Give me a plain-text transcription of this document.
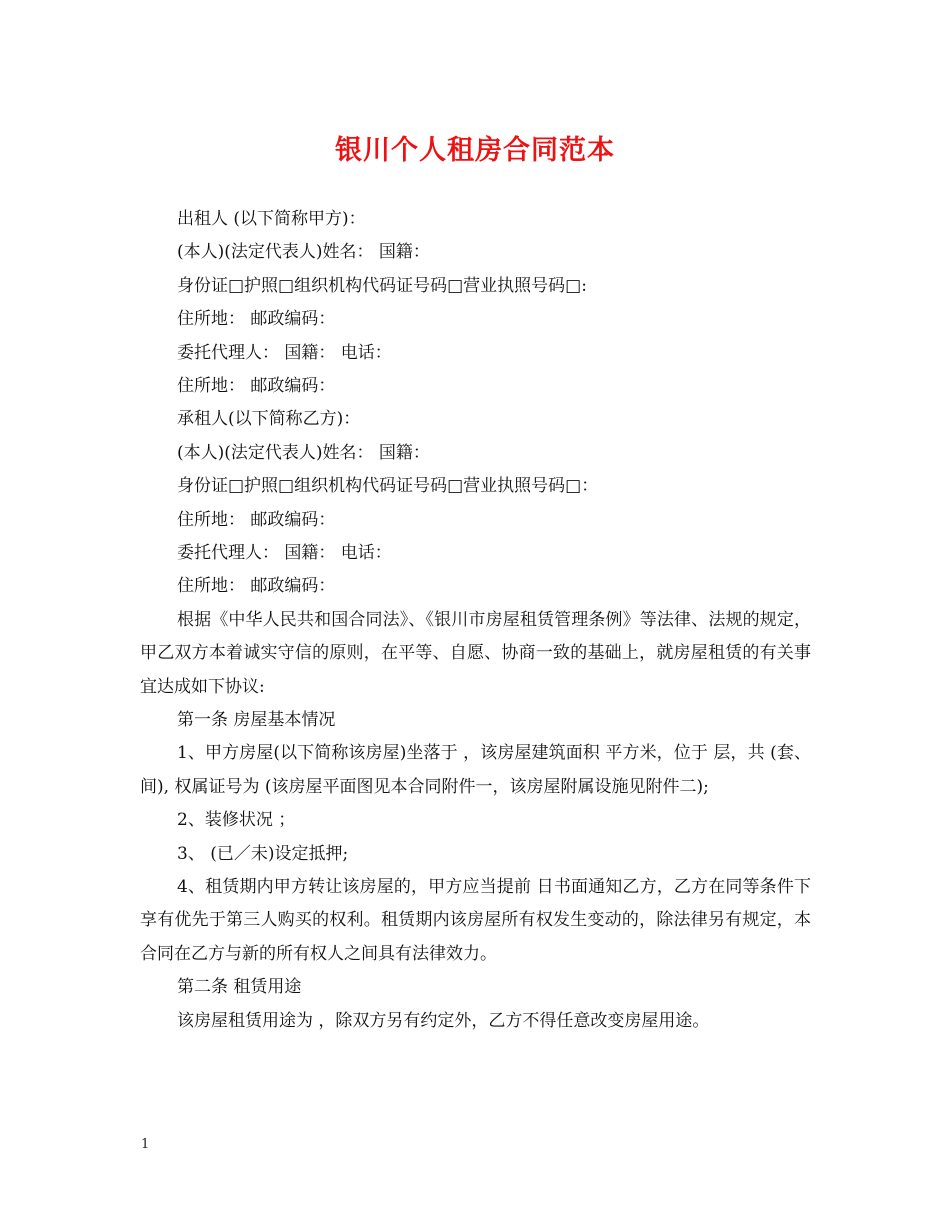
银川个人租房合同范本
出租人 (以下简称甲方)：
(本人)(法定代表人)姓名： 国籍：
身份证□护照□组织机构代码证号码□营业执照号码□:
住所地： 邮政编码：
委托代理人： 国籍： 电话：
住所地： 邮政编码：
承租人(以下简称乙方)：
(本人)(法定代表人)姓名： 国籍：
身份证□护照□组织机构代码证号码□营业执照号码□：
住所地： 邮政编码：
委托代理人： 国籍： 电话：
住所地： 邮政编码：

根据《中华人民共和国合同法》、《银川市房屋租赁管理条例》等法律、法规的规定，甲乙双方本着诚实守信的原则，在平等、自愿、协商一致的基础上，就房屋租赁的有关事宜达成如下协议:

第一条 房屋基本情况

1、甲方房屋(以下简称该房屋)坐落于 ，该房屋建筑面积 平方米，位于 层，共 (套、间), 权属证号为 (该房屋平面图见本合同附件一，该房屋附属设施见附件二);

2、装修状况 ；
3、 (已／未)设定抵押;

4、租赁期内甲方转让该房屋的，甲方应当提前 日书面通知乙方，乙方在同等条件下享有优先于第三人购买的权利。租赁期内该房屋所有权发生变动的，除法律另有规定，本合同在乙方与新的所有权人之间具有法律效力。

第二条 租赁用途
该房屋租赁用途为 ，除双方另有约定外，乙方不得任意改变房屋用途。
1
